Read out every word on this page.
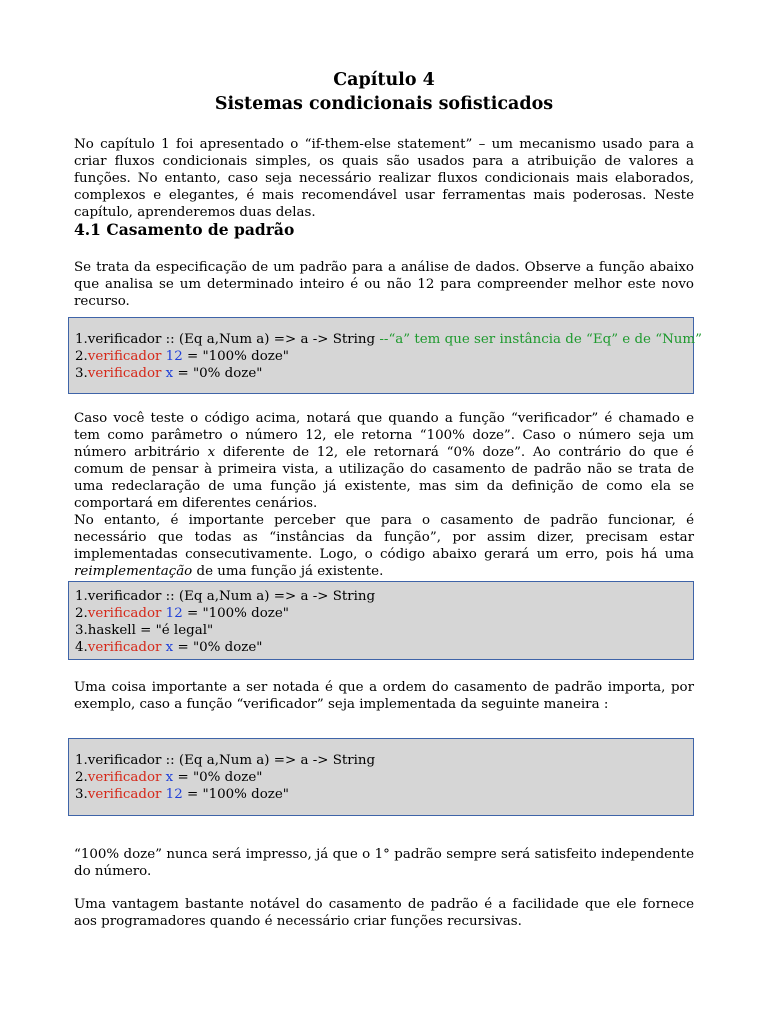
Capítulo 4
Sistemas condicionais sofisticados

No capítulo 1 foi apresentado o “if-them-else statement” – um mecanismo usado para a criar fluxos condicionais simples, os quais são usados para a atribuição de valores a funções. No entanto, caso seja necessário realizar fluxos condicionais mais elaborados, complexos e elegantes, é mais recomendável usar ferramentas mais poderosas. Neste capítulo, aprenderemos duas delas.

4.1 Casamento de padrão

Se trata da especificação de um padrão para a análise de dados. Observe a função abaixo que analisa se um determinado inteiro é ou não 12 para compreender melhor este novo recurso.

1.verificador :: (Eq a,Num a) => a -> String --“a” tem que ser instância de “Eq” e de “Num”
2.verificador 12 = "100% doze"
3.verificador x = "0% doze"

Caso você teste o código acima, notará que quando a função “verificador” é chamado e tem como parâmetro o número 12, ele retorna “100% doze”. Caso o número seja um número arbitrário x diferente de 12, ele retornará “0% doze”. Ao contrário do que é comum de pensar à primeira vista, a utilização do casamento de padrão não se trata de uma redeclaração de uma função já existente, mas sim da definição de como ela se comportará em diferentes cenários.

No entanto, é importante perceber que para o casamento de padrão funcionar, é necessário que todas as “instâncias da função”, por assim dizer, precisam estar implementadas consecutivamente. Logo, o código abaixo gerará um erro, pois há uma reimplementação de uma função já existente.

1.verificador :: (Eq a,Num a) => a -> String
2.verificador 12 = "100% doze"
3.haskell = "é legal"
4.verificador x = "0% doze"

Uma coisa importante a ser notada é que a ordem do casamento de padrão importa, por exemplo, caso a função “verificador” seja implementada da seguinte maneira :

1.verificador :: (Eq a,Num a) => a -> String
2.verificador x = "0% doze"
3.verificador 12 = "100% doze"

“100% doze” nunca será impresso, já que o 1° padrão sempre será satisfeito independente do número.

Uma vantagem bastante notável do casamento de padrão é a facilidade que ele fornece aos programadores quando é necessário criar funções recursivas.
